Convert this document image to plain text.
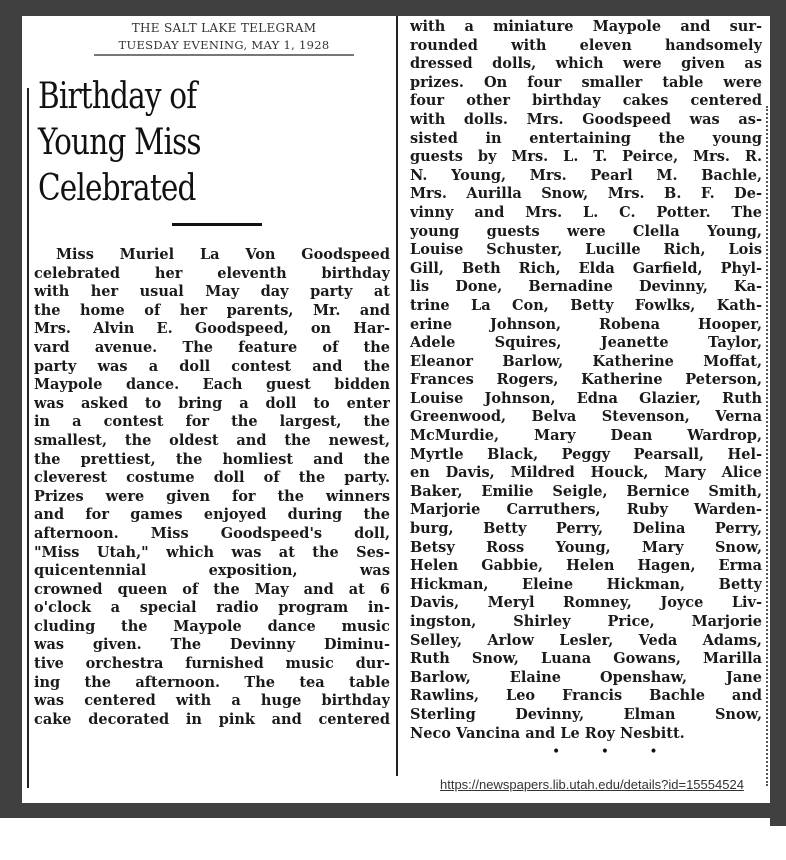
THE SALT LAKE TELEGRAM
TUESDAY EVENING, MAY 1, 1928
Birthday of
Young Miss
Celebrated
Miss Muriel La Von Goodspeed
celebrated her eleventh birthday
with her usual May day party at
the home of her parents, Mr. and
Mrs. Alvin E. Goodspeed, on Har-
vard avenue. The feature of the
party was a doll contest and the
Maypole dance. Each guest bidden
was asked to bring a doll to enter
in a contest for the largest, the
smallest, the oldest and the newest,
the prettiest, the homliest and the
cleverest costume doll of the party.
Prizes were given for the winners
and for games enjoyed during the
afternoon. Miss Goodspeed's doll,
"Miss Utah," which was at the Ses-
quicentennial exposition, was
crowned queen of the May and at 6
o'clock a special radio program in-
cluding the Maypole dance music
was given. The Devinny Diminu-
tive orchestra furnished music dur-
ing the afternoon. The tea table
was centered with a huge birthday
cake decorated in pink and centered
with a miniature Maypole and sur-
rounded with eleven handsomely
dressed dolls, which were given as
prizes. On four smaller table were
four other birthday cakes centered
with dolls. Mrs. Goodspeed was as-
sisted in entertaining the young
guests by Mrs. L. T. Peirce, Mrs. R.
N. Young, Mrs. Pearl M. Bachle,
Mrs. Aurilla Snow, Mrs. B. F. De-
vinny and Mrs. L. C. Potter. The
young guests were Clella Young,
Louise Schuster, Lucille Rich, Lois
Gill, Beth Rich, Elda Garfield, Phyl-
lis Done, Bernadine Devinny, Ka-
trine La Con, Betty Fowlks, Kath-
erine Johnson, Robena Hooper,
Adele Squires, Jeanette Taylor,
Eleanor Barlow, Katherine Moffat,
Frances Rogers, Katherine Peterson,
Louise Johnson, Edna Glazier, Ruth
Greenwood, Belva Stevenson, Verna
McMurdie, Mary Dean Wardrop,
Myrtle Black, Peggy Pearsall, Hel-
en Davis, Mildred Houck, Mary Alice
Baker, Emilie Seigle, Bernice Smith,
Marjorie Carruthers, Ruby Warden-
burg, Betty Perry, Delina Perry,
Betsy Ross Young, Mary Snow,
Helen Gabbie, Helen Hagen, Erma
Hickman, Eleine Hickman, Betty
Davis, Meryl Romney, Joyce Liv-
ingston, Shirley Price, Marjorie
Selley, Arlow Lesler, Veda Adams,
Ruth Snow, Luana Gowans, Marilla
Barlow, Elaine Openshaw, Jane
Rawlins, Leo Francis Bachle and
Sterling Devinny, Elman Snow,
Neco Vancina and Le Roy Nesbitt.
• • •
https://newspapers.lib.utah.edu/details?id=15554524
